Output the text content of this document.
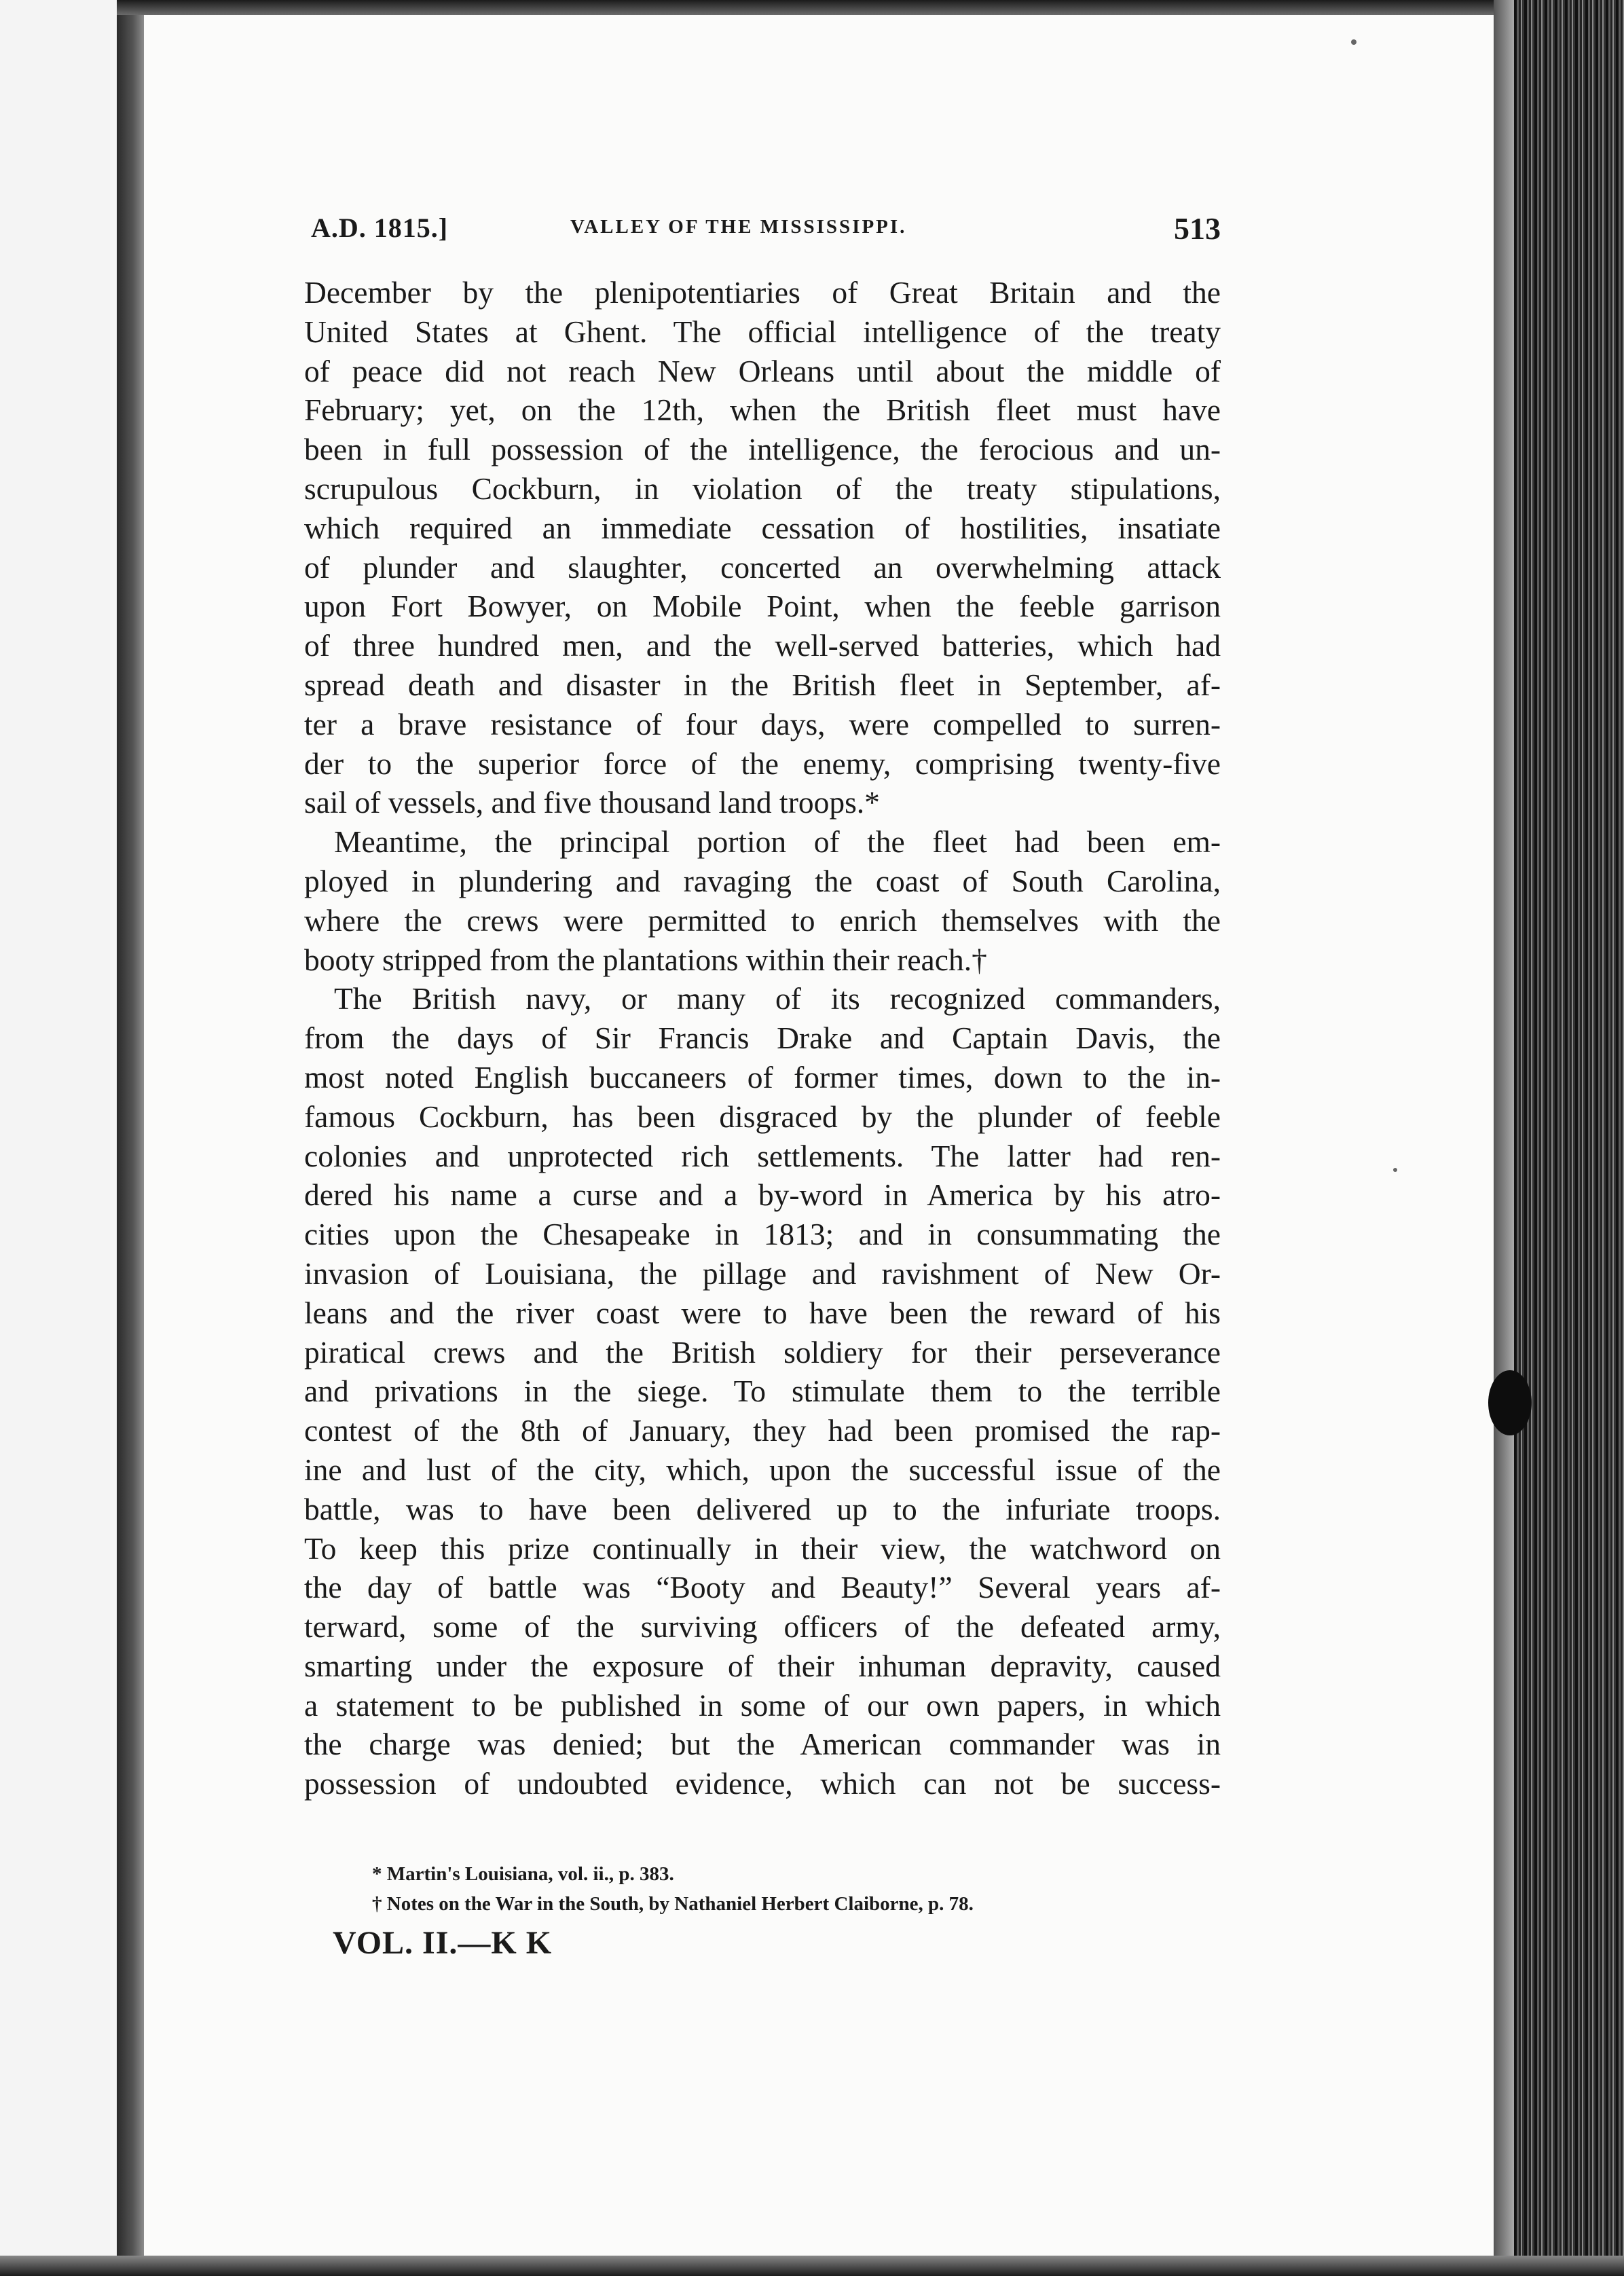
A.D. 1815.]	VALLEY OF THE MISSISSIPPI.	513
December by the plenipotentiaries of Great Britain and the
United States at Ghent. The official intelligence of the treaty
of peace did not reach New Orleans until about the middle of
February; yet, on the 12th, when the British fleet must have
been in full possession of the intelligence, the ferocious and un-
scrupulous Cockburn, in violation of the treaty stipulations,
which required an immediate cessation of hostilities, insatiate
of plunder and slaughter, concerted an overwhelming attack
upon Fort Bowyer, on Mobile Point, when the feeble garrison
of three hundred men, and the well-served batteries, which had
spread death and disaster in the British fleet in September, af-
ter a brave resistance of four days, were compelled to surren-
der to the superior force of the enemy, comprising twenty-five
sail of vessels, and five thousand land troops.*
Meantime, the principal portion of the fleet had been em-
ployed in plundering and ravaging the coast of South Carolina,
where the crews were permitted to enrich themselves with the
booty stripped from the plantations within their reach.†
The British navy, or many of its recognized commanders,
from the days of Sir Francis Drake and Captain Davis, the
most noted English buccaneers of former times, down to the in-
famous Cockburn, has been disgraced by the plunder of feeble
colonies and unprotected rich settlements. The latter had ren-
dered his name a curse and a by-word in America by his atro-
cities upon the Chesapeake in 1813; and in consummating the
invasion of Louisiana, the pillage and ravishment of New Or-
leans and the river coast were to have been the reward of his
piratical crews and the British soldiery for their perseverance
and privations in the siege. To stimulate them to the terrible
contest of the 8th of January, they had been promised the rap-
ine and lust of the city, which, upon the successful issue of the
battle, was to have been delivered up to the infuriate troops.
To keep this prize continually in their view, the watchword on
the day of battle was “Booty and Beauty!” Several years af-
terward, some of the surviving officers of the defeated army,
smarting under the exposure of their inhuman depravity, caused
a statement to be published in some of our own papers, in which
the charge was denied; but the American commander was in
possession of undoubted evidence, which can not be success-
* Martin's Louisiana, vol. ii., p. 383.
† Notes on the War in the South, by Nathaniel Herbert Claiborne, p. 78.
VOL. II.—K K
